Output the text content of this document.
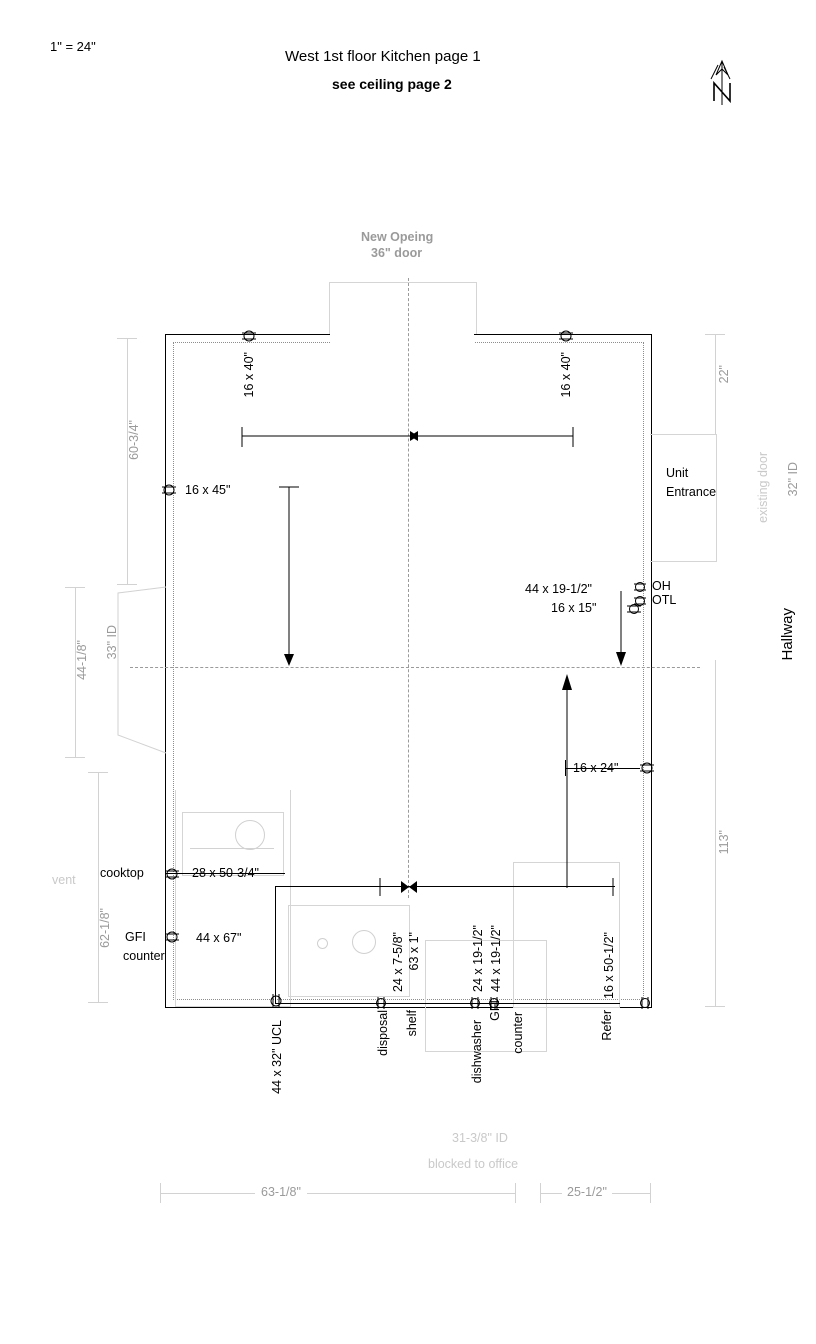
1" = 24"
West 1st floor Kitchen page 1
see ceiling page 2
New Opeing
36" door
Unit
Entrance	existing door 32" ID
Hallway
22"
113"
60-3/4"
44-1/8" 33" ID
62-1/8"
vent
16 x 40"	16 x 40"
16 x 45"
OH
OTL
44 x 19-1/2"
16 x 15"
16 x 24"
cooktop	28 x 50-3/4"
GFI
counter
44 x 67"
44 x 32" UCL	disposal
24 x 7-5/8"
shelf
63 x 1"
dishwasher
24 x 19-1/2"
GFI
44 x 19-1/2"
counter	Refer
16 x 50-1/2"
31-3/8" ID
blocked to office
63-1/8"	25-1/2"
